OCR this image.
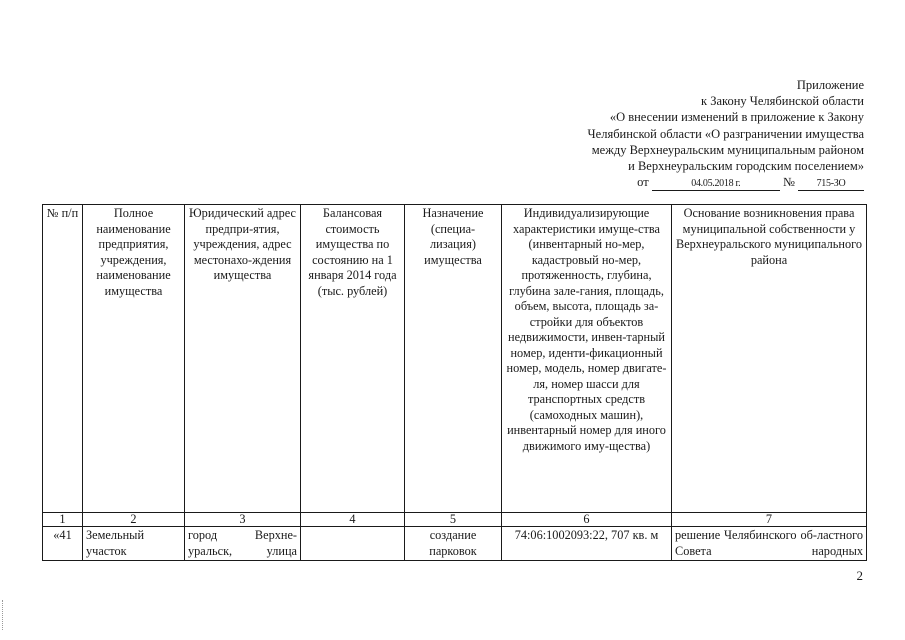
Приложение
к Закону Челябинской области
«О внесении изменений в приложение к Закону
Челябинской области «О разграничении имущества
между Верхнеуральским муниципальным районом
и Верхнеуральским городским поселением»
от	04.05.2018 г.	№ 715-ЗО
№ п/п	Полное наименование предприятия, учреждения, наименование имущества	Юридический адрес предпри-ятия, учреждения, адрес местонахо-ждения имущества	Балансовая стоимость имущества по состоянию на 1 января 2014 года (тыс. рублей)	Назначение (специа-лизация) имущества	Индивидуализирующие характеристики имуще-ства (инвентарный но-мер, кадастровый но-мер, протяженность, глубина, глубина зале-гания, площадь, объем, высота, площадь за-стройки для объектов недвижимости, инвен-тарный номер, иденти-фикационный номер, модель, номер двигате-ля, номер шасси для транспортных средств (самоходных машин), инвентарный номер для иного движимого иму-щества)	Основание возникновения права муниципальной собственности у Верхнеуральского муниципального района
1	2	3	4	5	6	7
«41	Земельный участок	город Верхне-уральск, улица		создание парковок	74:06:1002093:22, 707 кв. м	решение Челябинского об-ластного Совета народных
2
